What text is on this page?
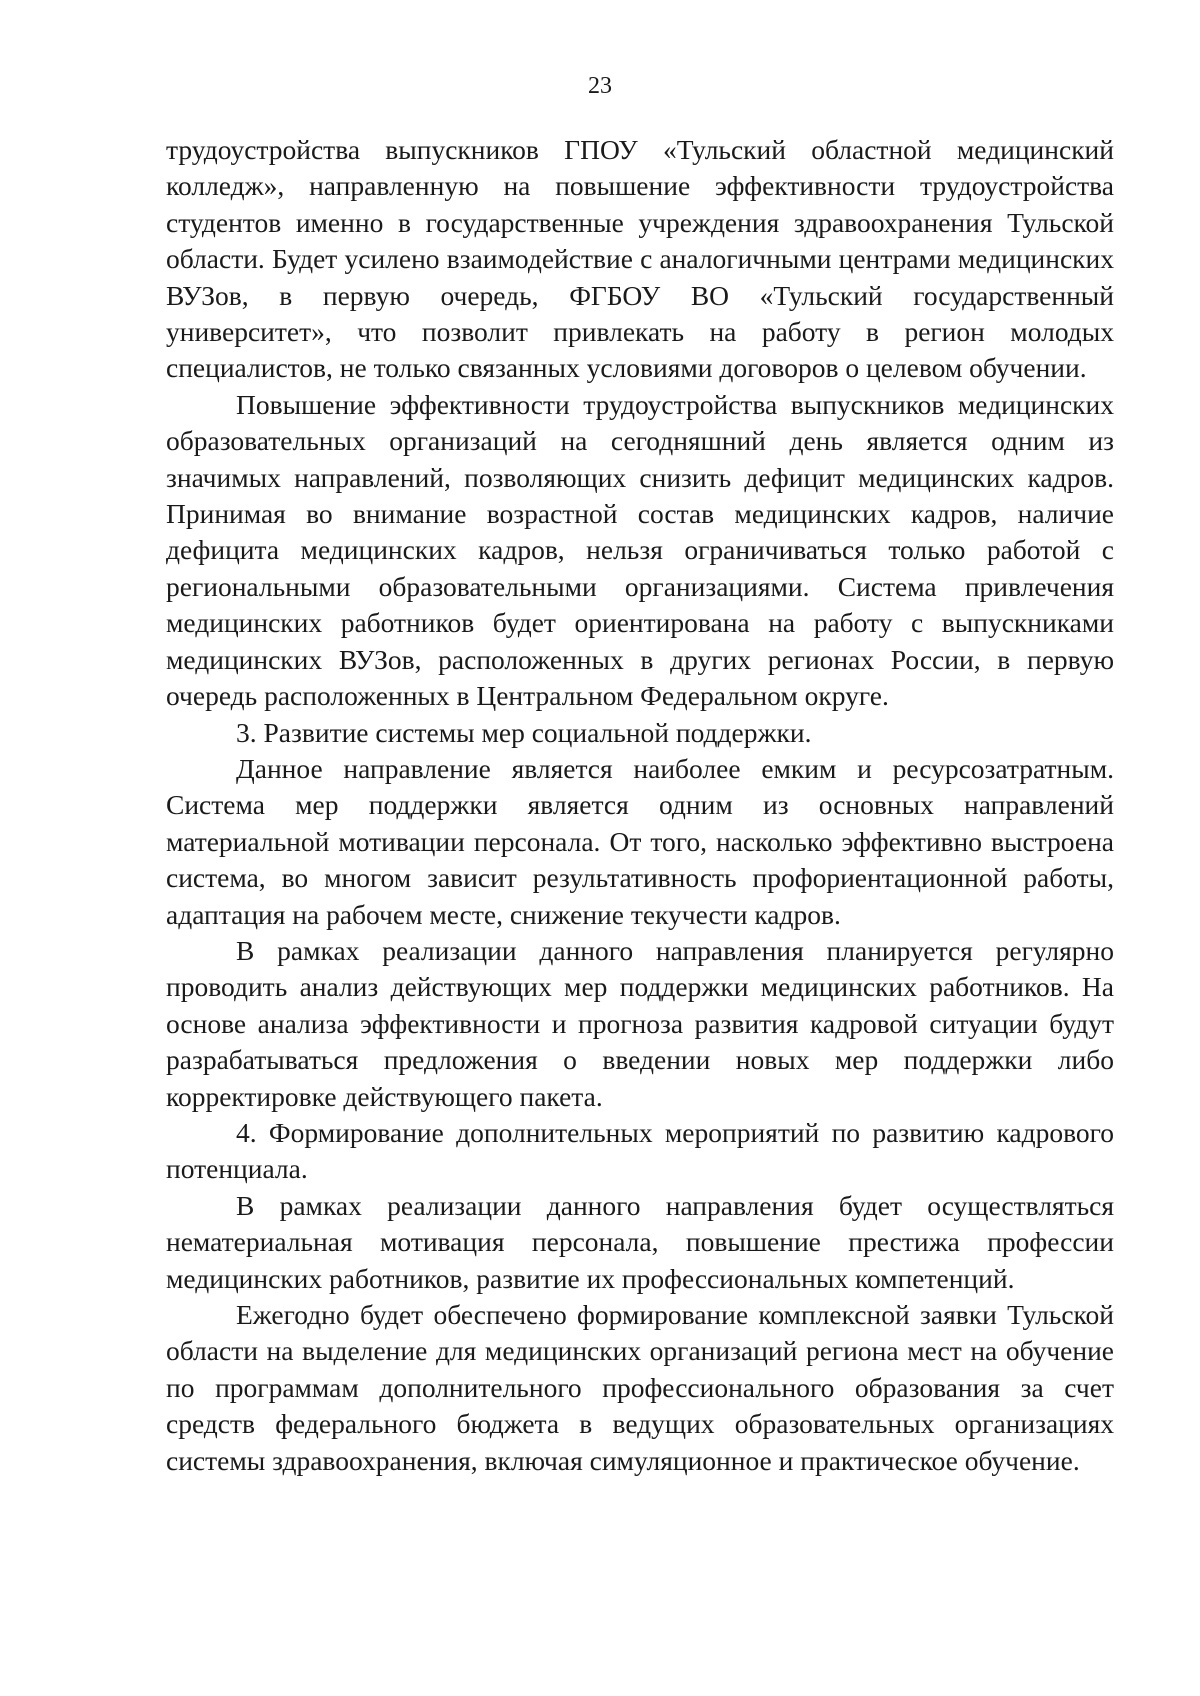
23

трудоустройства выпускников ГПОУ «Тульский областной медицинский колледж», направленную на повышение эффективности трудоустройства студентов именно в государственные учреждения здравоохранения Тульской области. Будет усилено взаимодействие с аналогичными центрами медицинских ВУЗов, в первую очередь, ФГБОУ ВО «Тульский государственный университет», что позволит привлекать на работу в регион молодых специалистов, не только связанных условиями договоров о целевом обучении.

Повышение эффективности трудоустройства выпускников медицинских образовательных организаций на сегодняшний день является одним из значимых направлений, позволяющих снизить дефицит медицинских кадров. Принимая во внимание возрастной состав медицинских кадров, наличие дефицита медицинских кадров, нельзя ограничиваться только работой с региональными образовательными организациями. Система привлечения медицинских работников будет ориентирована на работу с выпускниками медицинских ВУЗов, расположенных в других регионах России, в первую очередь расположенных в Центральном Федеральном округе.

3. Развитие системы мер социальной поддержки.

Данное направление является наиболее емким и ресурсозатратным. Система мер поддержки является одним из основных направлений материальной мотивации персонала. От того, насколько эффективно выстроена система, во многом зависит результативность профориентационной работы, адаптация на рабочем месте, снижение текучести кадров.

В рамках реализации данного направления планируется регулярно проводить анализ действующих мер поддержки медицинских работников. На основе анализа эффективности и прогноза развития кадровой ситуации будут разрабатываться предложения о введении новых мер поддержки либо корректировке действующего пакета.

4. Формирование дополнительных мероприятий по развитию кадрового потенциала.

В рамках реализации данного направления будет осуществляться нематериальная мотивация персонала, повышение престижа профессии медицинских работников, развитие их профессиональных компетенций.

Ежегодно будет обеспечено формирование комплексной заявки Тульской области на выделение для медицинских организаций региона мест на обучение по программам дополнительного профессионального образования за счет средств федерального бюджета в ведущих образовательных организациях системы здравоохранения, включая симуляционное и практическое обучение.
